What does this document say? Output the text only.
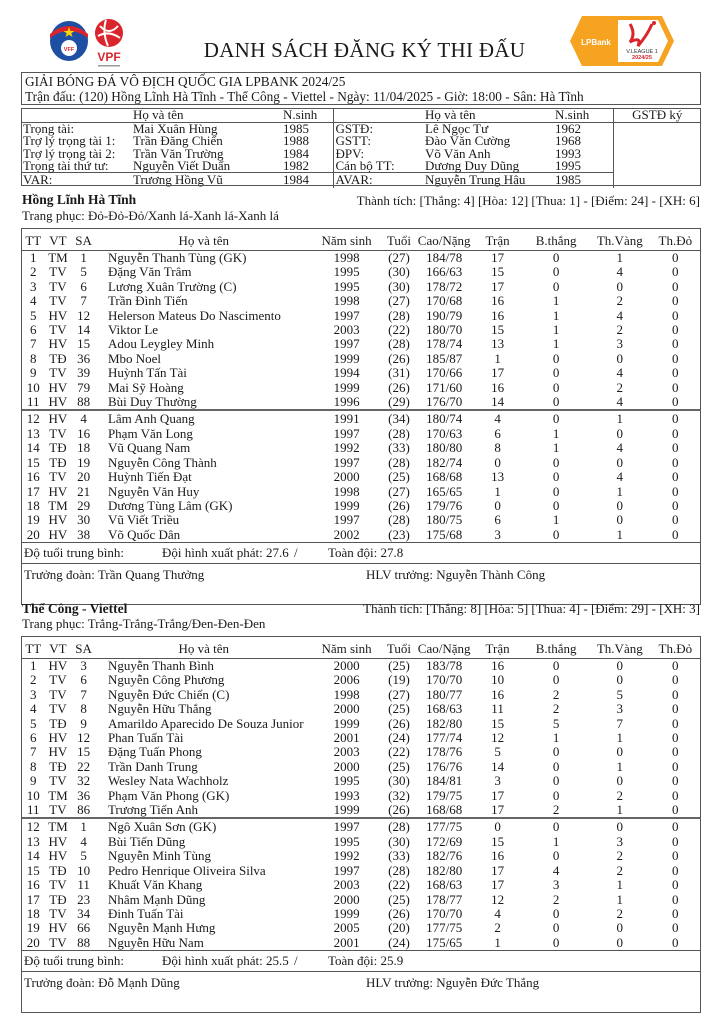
VFF VPF	DANH SÁCH ĐĂNG KÝ THI ĐẤU	LPBank
V.LEAGUE 1
2024/25
GIẢI BÓNG ĐÁ VÔ ĐỊCH QUỐC GIA LPBANK 2024/25
Trận đấu: (120) Hồng Lĩnh Hà Tĩnh - Thể Công - Viettel - Ngày: 11/04/2025 - Giờ: 18:00 - Sân: Hà Tĩnh
	Họ và tên	N.sinh		Họ và tên	N.sinh	GSTĐ ký
Trọng tài:	Mai Xuân Hùng	1985	GSTĐ:	Lê Ngọc Tư	1962	
Trợ lý trọng tài 1:	Trần Đăng Chiến	1988	GSTT:	Đào Văn Cường	1968	
Trợ lý trọng tài 2:	Trần Văn Trường	1984	ĐPV:	Võ Văn Anh	1993	
Trọng tài thứ tư:	Nguyễn Viết Duẩn	1982	Cán bộ TT:	Dương Duy Dũng	1995	
VAR:	Trương Hồng Vũ	1984	AVAR:	Nguyễn Trung Hậu	1985	
Hồng Lĩnh Hà Tĩnh	Thành tích: [Thắng: 4] [Hòa: 12] [Thua: 1] - [Điểm: 24] - [XH: 6]
Trang phục: Đỏ-Đỏ-Đỏ/Xanh lá-Xanh lá-Xanh lá
TT	VT	SA	Họ và tên	Năm sinh	Tuổi	Cao/Nặng	Trận	B.thắng	Th.Vàng	Th.Đỏ
1	TM	1	Nguyễn Thanh Tùng (GK)	1998	(27)	184/78	17	0	1	0
2	TV	5	Đặng Văn Trâm	1995	(30)	166/63	15	0	4	0
3	TV	6	Lương Xuân Trường (C)	1995	(30)	178/72	17	0	0	0
4	TV	7	Trần Đình Tiến	1998	(27)	170/68	16	1	2	0
5	HV	12	Helerson Mateus Do Nascimento	1997	(28)	190/79	16	1	4	0
6	TV	14	Viktor Le	2003	(22)	180/70	15	1	2	0
7	HV	15	Adou Leygley Minh	1997	(28)	178/74	13	1	3	0
8	TĐ	36	Mbo Noel	1999	(26)	185/87	1	0	0	0
9	TV	39	Huỳnh Tấn Tài	1994	(31)	170/66	17	0	4	0
10	HV	79	Mai Sỹ Hoàng	1999	(26)	171/60	16	0	2	0
11	HV	88	Bùi Duy Thường	1996	(29)	176/70	14	0	4	0
12	HV	4	Lâm Anh Quang	1991	(34)	180/74	4	0	1	0
13	TV	16	Phạm Văn Long	1997	(28)	170/63	6	1	0	0
14	TĐ	18	Vũ Quang Nam	1992	(33)	180/80	8	1	4	0
15	TĐ	19	Nguyễn Công Thành	1997	(28)	182/74	0	0	0	0
16	TV	20	Huỳnh Tiến Đạt	2000	(25)	168/68	13	0	4	0
17	HV	21	Nguyễn Văn Huy	1998	(27)	165/65	1	0	1	0
18	TM	29	Dương Tùng Lâm (GK)	1999	(26)	179/76	0	0	0	0
19	HV	30	Vũ Viết Triều	1997	(28)	180/75	6	1	0	0
20	HV	38	Võ Quốc Dân	2002	(23)	175/68	3	0	1	0
Độ tuổi trung bình:	Đội hình xuất phát: 27.6 / Toàn đội: 27.8
Trưởng đoàn: Trần Quang Thưởng	HLV trưởng: Nguyễn Thành Công
Thể Công - Viettel	Thành tích: [Thắng: 8] [Hòa: 5] [Thua: 4] - [Điểm: 29] - [XH: 3]
Trang phục: Trắng-Trắng-Trắng/Đen-Đen-Đen
TT	VT	SA	Họ và tên	Năm sinh	Tuổi	Cao/Nặng	Trận	B.thắng	Th.Vàng	Th.Đỏ
1	HV	3	Nguyễn Thanh Bình	2000	(25)	183/78	16	0	0	0
2	TV	6	Nguyễn Công Phương	2006	(19)	170/70	10	0	0	0
3	TV	7	Nguyễn Đức Chiến (C)	1998	(27)	180/77	16	2	5	0
4	TV	8	Nguyễn Hữu Thắng	2000	(25)	168/63	11	2	3	0
5	TĐ	9	Amarildo Aparecido De Souza Junior	1999	(26)	182/80	15	5	7	0
6	HV	12	Phan Tuấn Tài	2001	(24)	177/74	12	1	1	0
7	HV	15	Đặng Tuấn Phong	2003	(22)	178/76	5	0	0	0
8	TĐ	22	Trần Danh Trung	2000	(25)	176/76	14	0	1	0
9	TV	32	Wesley Nata Wachholz	1995	(30)	184/81	3	0	0	0
10	TM	36	Phạm Văn Phong (GK)	1993	(32)	179/75	17	0	2	0
11	TV	86	Trương Tiến Anh	1999	(26)	168/68	17	2	1	0
12	TM	1	Ngô Xuân Sơn (GK)	1997	(28)	177/75	0	0	0	0
13	HV	4	Bùi Tiến Dũng	1995	(30)	172/69	15	1	3	0
14	HV	5	Nguyễn Minh Tùng	1992	(33)	182/76	16	0	2	0
15	TĐ	10	Pedro Henrique Oliveira Silva	1997	(28)	182/80	17	4	2	0
16	TV	11	Khuất Văn Khang	2003	(22)	168/63	17	3	1	0
17	TĐ	23	Nhâm Mạnh Dũng	2000	(25)	178/77	12	2	1	0
18	TV	34	Đinh Tuấn Tài	1999	(26)	170/70	4	0	2	0
19	HV	66	Nguyễn Mạnh Hưng	2005	(20)	177/75	2	0	0	0
20	TV	88	Nguyễn Hữu Nam	2001	(24)	175/65	1	0	0	0
Độ tuổi trung bình:	Đội hình xuất phát: 25.5 / Toàn đội: 25.9
Trưởng đoàn: Đỗ Mạnh Dũng	HLV trưởng: Nguyễn Đức Thắng
